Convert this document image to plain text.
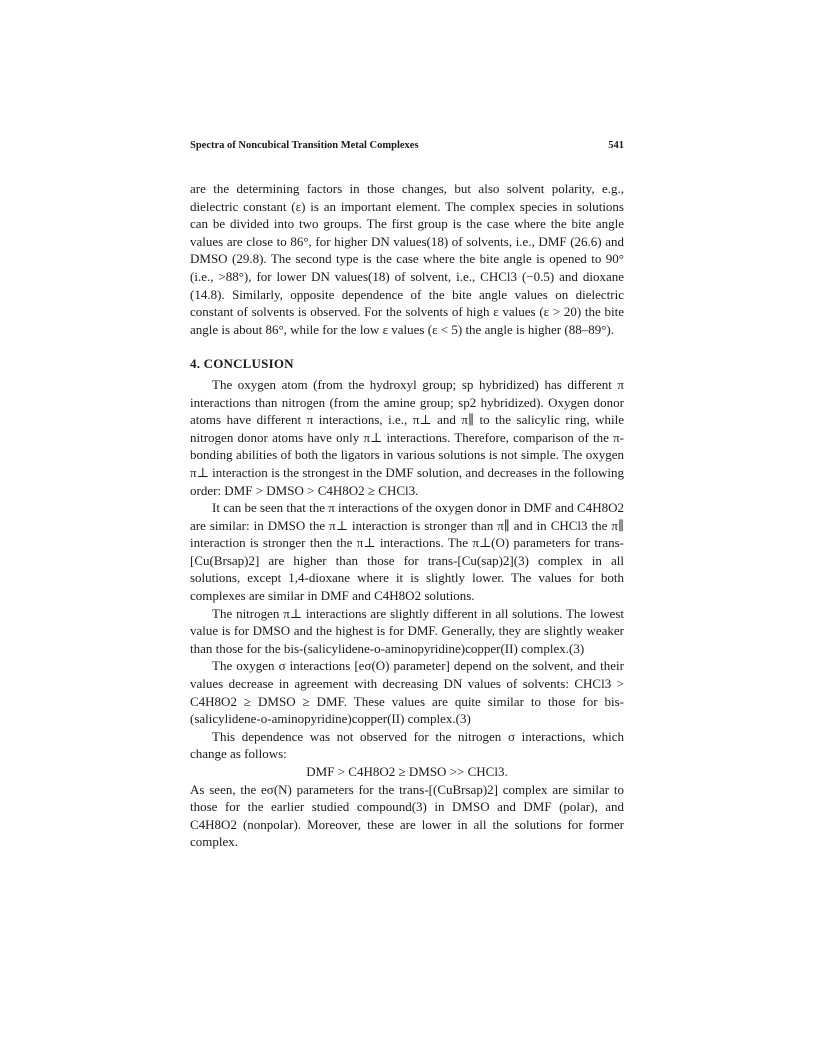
Spectra of Noncubical Transition Metal Complexes	541

are the determining factors in those changes, but also solvent polarity, e.g., dielectric constant (ε) is an important element. The complex species in solutions can be divided into two groups. The first group is the case where the bite angle values are close to 86°, for higher DN values(18) of solvents, i.e., DMF (26.6) and DMSO (29.8). The second type is the case where the bite angle is opened to 90° (i.e., >88°), for lower DN values(18) of solvent, i.e., CHCl3 (−0.5) and dioxane (14.8). Similarly, opposite dependence of the bite angle values on dielectric constant of solvents is observed. For the solvents of high ε values (ε > 20) the bite angle is about 86°, while for the low ε values (ε < 5) the angle is higher (88–89°).

4. CONCLUSION

The oxygen atom (from the hydroxyl group; sp hybridized) has different π interactions than nitrogen (from the amine group; sp2 hybridized). Oxygen donor atoms have different π interactions, i.e., π⊥ and π∥ to the salicylic ring, while nitrogen donor atoms have only π⊥ interactions. Therefore, comparison of the π-bonding abilities of both the ligators in various solutions is not simple. The oxygen π⊥ interaction is the strongest in the DMF solution, and decreases in the following order: DMF > DMSO > C4H8O2 ≥ CHCl3.

It can be seen that the π interactions of the oxygen donor in DMF and C4H8O2 are similar: in DMSO the π⊥ interaction is stronger than π∥ and in CHCl3 the π∥ interaction is stronger then the π⊥ interactions. The π⊥(O) parameters for trans-[Cu(Brsap)2] are higher than those for trans-[Cu(sap)2](3) complex in all solutions, except 1,4-dioxane where it is slightly lower. The values for both complexes are similar in DMF and C4H8O2 solutions.

The nitrogen π⊥ interactions are slightly different in all solutions. The lowest value is for DMSO and the highest is for DMF. Generally, they are slightly weaker than those for the bis-(salicylidene-o-aminopyridine)copper(II) complex.(3)

The oxygen σ interactions [eσ(O) parameter] depend on the solvent, and their values decrease in agreement with decreasing DN values of solvents: CHCl3 > C4H8O2 ≥ DMSO ≥ DMF. These values are quite similar to those for bis-(salicylidene-o-aminopyridine)copper(II) complex.(3)

This dependence was not observed for the nitrogen σ interactions, which change as follows:

DMF > C4H8O2 ≥ DMSO >> CHCl3.

As seen, the eσ(N) parameters for the trans-[(CuBrsap)2] complex are similar to those for the earlier studied compound(3) in DMSO and DMF (polar), and C4H8O2 (nonpolar). Moreover, these are lower in all the solutions for former complex.
